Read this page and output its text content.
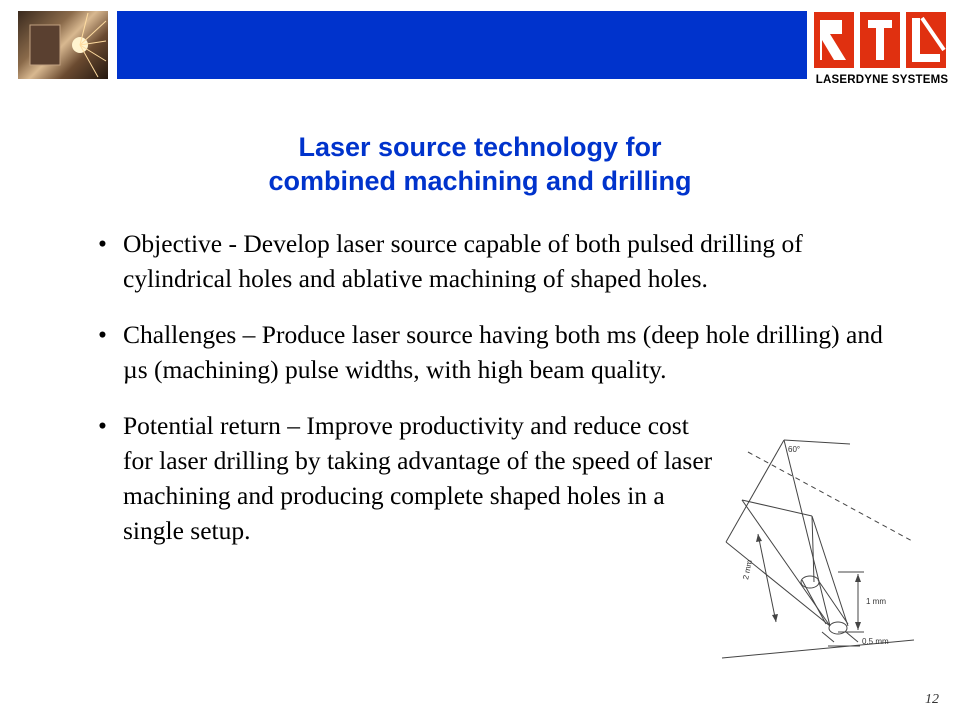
LASERDYNE SYSTEMS
Laser source technology for
combined machining and drilling
• Objective - Develop laser source capable of both pulsed drilling of cylindrical holes and ablative machining of shaped holes.
• Challenges – Produce laser source having both ms (deep hole drilling) and µs (machining) pulse widths, with high beam quality.
• Potential return – Improve productivity and reduce cost for laser drilling by taking advantage of the speed of laser machining and producing complete shaped holes in a single setup.
60°
2 mm
1 mm
0.5 mm
12
